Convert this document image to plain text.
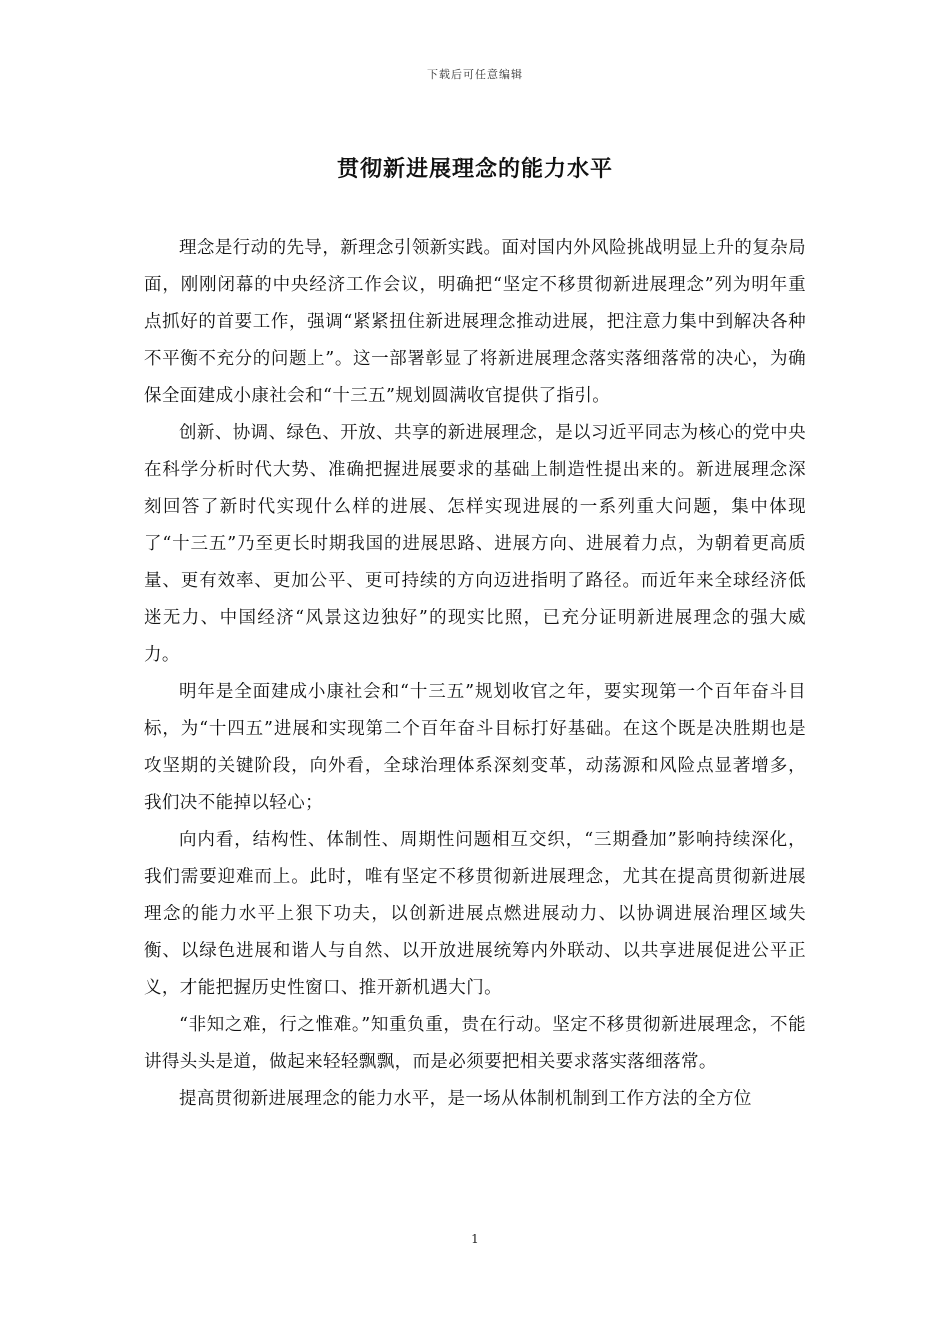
下载后可任意编辑
贯彻新进展理念的能力水平

理念是行动的先导，新理念引领新实践。面对国内外风险挑战明显上升的复杂局面，刚刚闭幕的中央经济工作会议，明确把“坚定不移贯彻新进展理念”列为明年重点抓好的首要工作，强调“紧紧扭住新进展理念推动进展，把注意力集中到解决各种不平衡不充分的问题上”。这一部署彰显了将新进展理念落实落细落常的决心，为确保全面建成小康社会和“十三五”规划圆满收官提供了指引。

创新、协调、绿色、开放、共享的新进展理念，是以习近平同志为核心的党中央在科学分析时代大势、准确把握进展要求的基础上制造性提出来的。新进展理念深刻回答了新时代实现什么样的进展、怎样实现进展的一系列重大问题，集中体现了“十三五”乃至更长时期我国的进展思路、进展方向、进展着力点，为朝着更高质量、更有效率、更加公平、更可持续的方向迈进指明了路径。而近年来全球经济低迷无力、中国经济“风景这边独好”的现实比照，已充分证明新进展理念的强大威力。

明年是全面建成小康社会和“十三五”规划收官之年，要实现第一个百年奋斗目标，为“十四五”进展和实现第二个百年奋斗目标打好基础。在这个既是决胜期也是攻坚期的关键阶段，向外看，全球治理体系深刻变革，动荡源和风险点显著增多，我们决不能掉以轻心；

向内看，结构性、体制性、周期性问题相互交织，“三期叠加”影响持续深化，我们需要迎难而上。此时，唯有坚定不移贯彻新进展理念，尤其在提高贯彻新进展理念的能力水平上狠下功夫，以创新进展点燃进展动力、以协调进展治理区域失衡、以绿色进展和谐人与自然、以开放进展统筹内外联动、以共享进展促进公平正义，才能把握历史性窗口、推开新机遇大门。

“非知之难，行之惟难。”知重负重，贵在行动。坚定不移贯彻新进展理念，不能讲得头头是道，做起来轻轻飘飘，而是必须要把相关要求落实落细落常。

提高贯彻新进展理念的能力水平，是一场从体制机制到工作方法的全方位

1
